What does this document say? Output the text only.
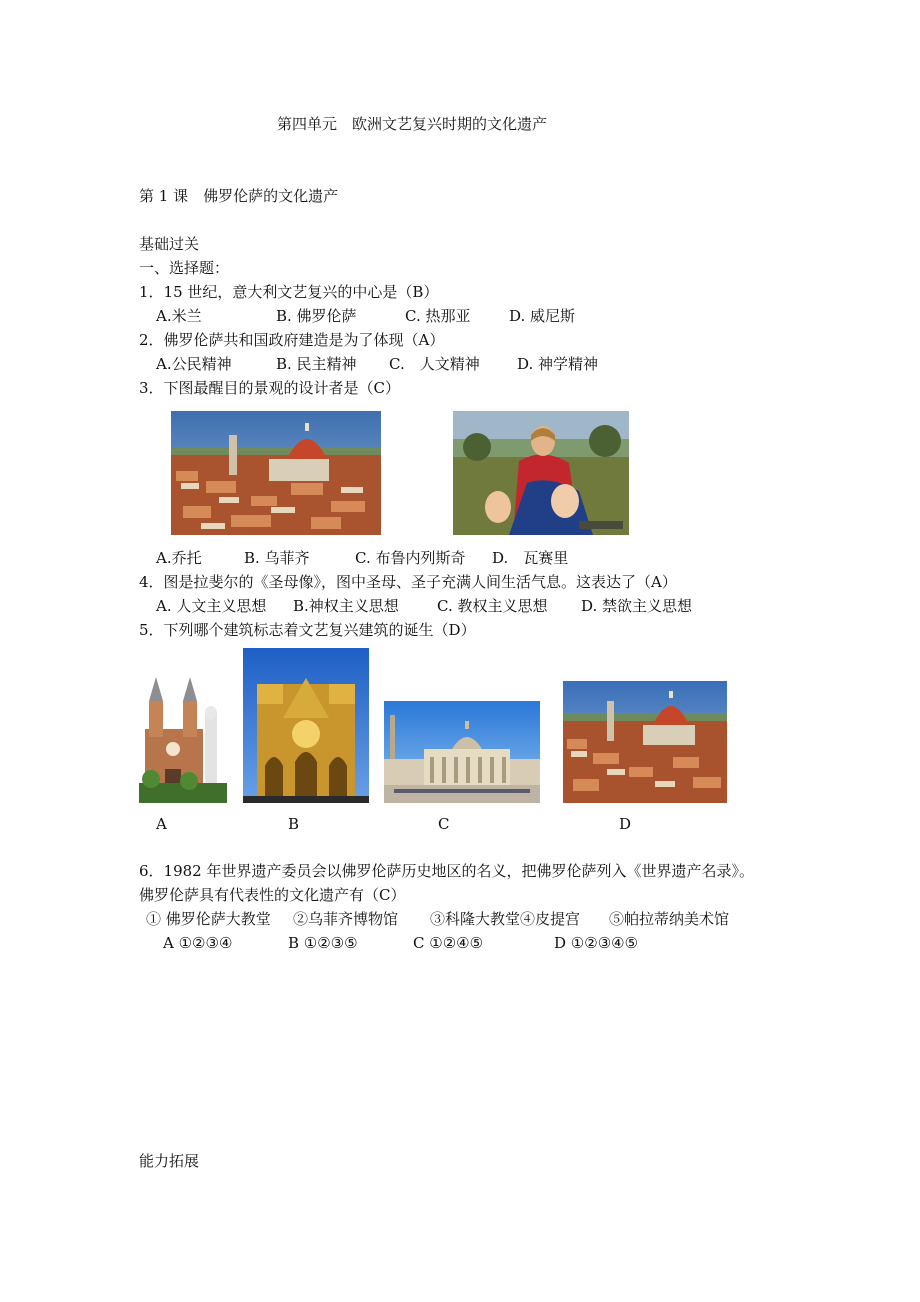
第四单元　欧洲文艺复兴时期的文化遗产
第 1 课　佛罗伦萨的文化遗产
基础过关
一、选择题：
1．15 世纪，意大利文艺复兴的中心是（B）
A.米兰	B. 佛罗伦萨	C. 热那亚	D. 威尼斯
2．佛罗伦萨共和国政府建造是为了体现（A）
A.公民精神	B. 民主精神 C.　人文精神 D. 神学精神
3．下图最醒目的景观的设计者是（C）
A.乔托	B. 乌菲齐	C. 布鲁内列斯奇 D.　瓦赛里
4．图是拉斐尔的《圣母像》，图中圣母、圣子充满人间生活气息。这表达了（A）
A. 人文主义思想 B.神权主义思想	C. 教权主义思想 D. 禁欲主义思想
5．下列哪个建筑标志着文艺复兴建筑的诞生（D）
A	B	C	D
6．1982 年世界遗产委员会以佛罗伦萨历史地区的名义，把佛罗伦萨列入《世界遗产名录》。
佛罗伦萨具有代表性的文化遗产有（C）
① 佛罗伦萨大教堂 ②乌菲齐博物馆 ③科隆大教堂④皮提宫 ⑤帕拉蒂纳美术馆
A ①②③④	B ①②③⑤	C ①②④⑤	D ①②③④⑤
能力拓展
